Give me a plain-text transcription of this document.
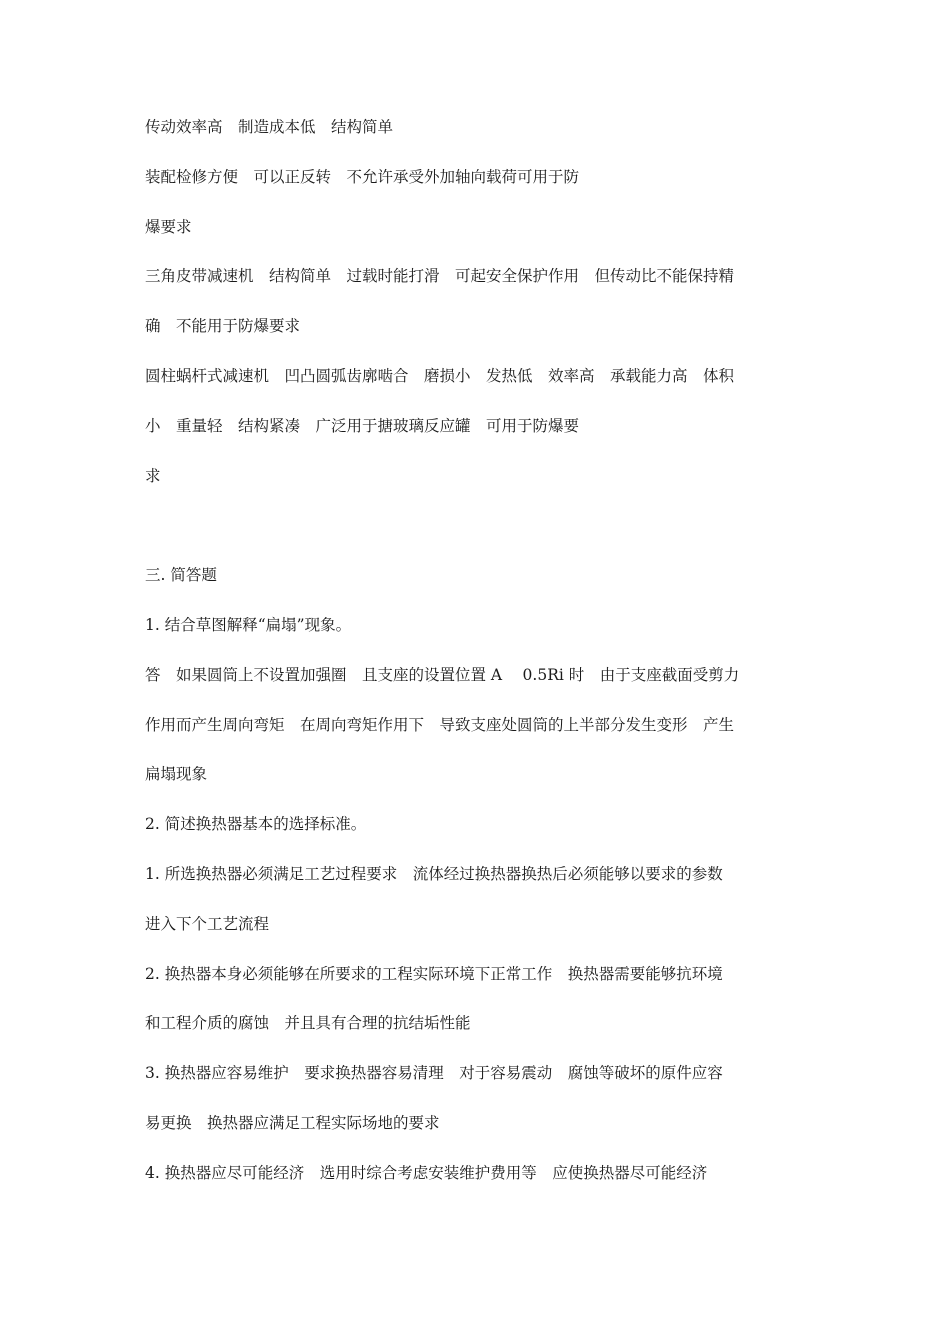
传动效率高　制造成本低　结构简单
装配检修方便　可以正反转　不允许承受外加轴向载荷可用于防
爆要求
三角皮带减速机　结构简单　过载时能打滑　可起安全保护作用　但传动比不能保持精
确　不能用于防爆要求
圆柱蜗杆式减速机　凹凸圆弧齿廓啮合　磨损小　发热低　效率高　承载能力高　体积
小　重量轻　结构紧凑　广泛用于搪玻璃反应罐　可用于防爆要
求
三. 简答题
1. 结合草图解释“扁塌”现象。
答　如果圆筒上不设置加强圈　且支座的设置位置 A　 0.5Ri 时　由于支座截面受剪力
作用而产生周向弯矩　在周向弯矩作用下　导致支座处圆筒的上半部分发生变形　产生
扁塌现象
2. 简述换热器基本的选择标准。
1. 所选换热器必须满足工艺过程要求　流体经过换热器换热后必须能够以要求的参数
进入下个工艺流程
2. 换热器本身必须能够在所要求的工程实际环境下正常工作　换热器需要能够抗环境
和工程介质的腐蚀　并且具有合理的抗结垢性能
3. 换热器应容易维护　要求换热器容易清理　对于容易震动　腐蚀等破坏的原件应容
易更换　换热器应满足工程实际场地的要求
4. 换热器应尽可能经济　选用时综合考虑安装维护费用等　应使换热器尽可能经济
